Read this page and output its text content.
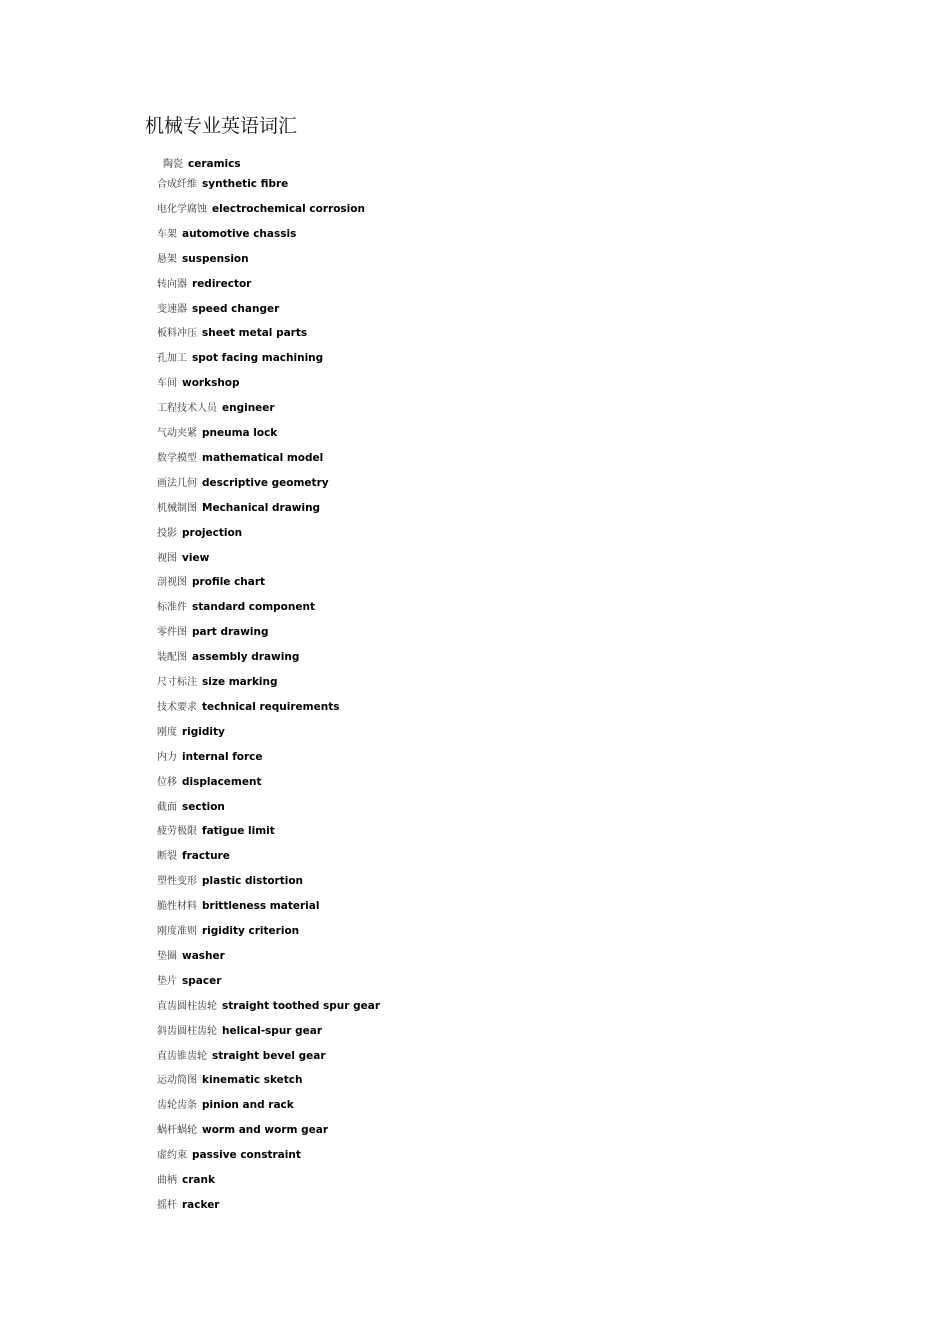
机械专业英语词汇
陶瓷 ceramics
合成纤维 synthetic fibre
电化学腐蚀 electrochemical corrosion
车架 automotive chassis
悬架 suspension
转向器 redirector
变速器 speed changer
板料冲压 sheet metal parts
孔加工 spot facing machining
车间 workshop
工程技术人员 engineer
气动夹紧 pneuma lock
数学模型 mathematical model
画法几何 descriptive geometry
机械制图 Mechanical drawing
投影 projection
视图 view
剖视图 profile chart
标准件 standard component
零件图 part drawing
装配图 assembly drawing
尺寸标注 size marking
技术要求 technical requirements
刚度 rigidity
内力 internal force
位移 displacement
截面 section
疲劳极限 fatigue limit
断裂 fracture
塑性变形 plastic distortion
脆性材料 brittleness material
刚度准则 rigidity criterion
垫圈 washer
垫片 spacer
直齿圆柱齿轮 straight toothed spur gear
斜齿圆柱齿轮 helical-spur gear
直齿锥齿轮 straight bevel gear
运动简图 kinematic sketch
齿轮齿条 pinion and rack
蜗杆蜗轮 worm and worm gear
虚约束 passive constraint
曲柄 crank
摇杆 racker
